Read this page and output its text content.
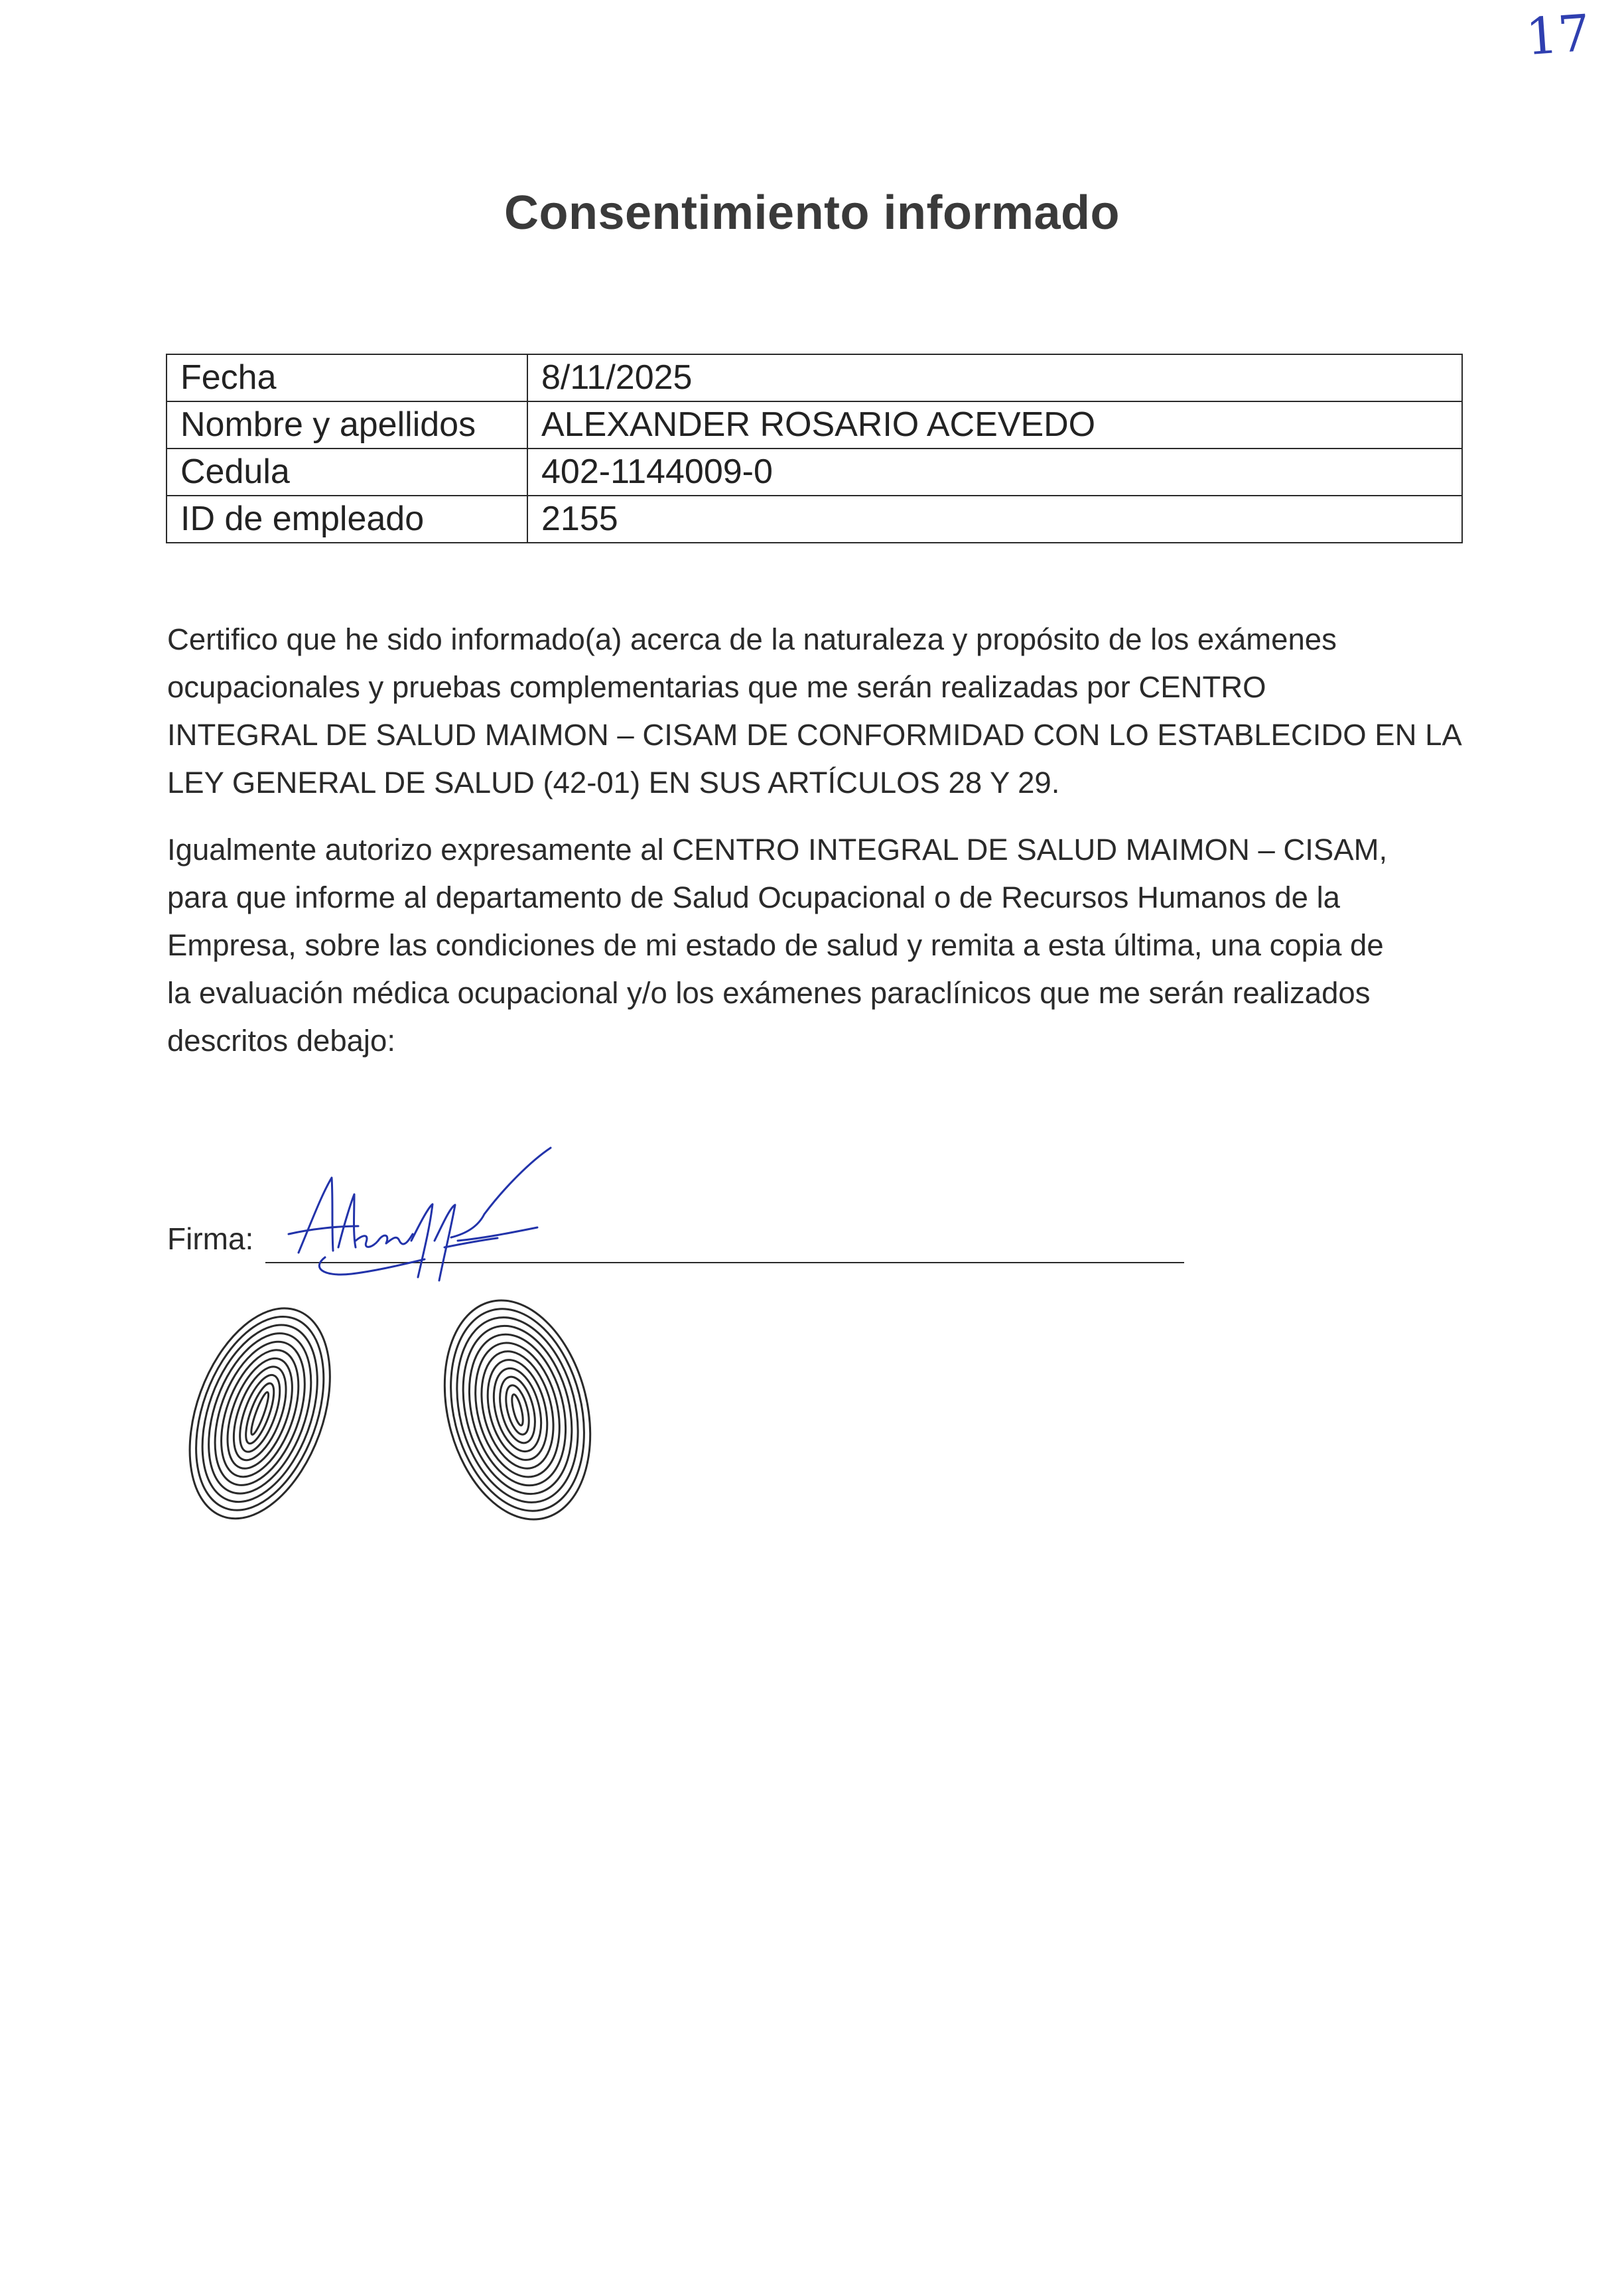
17
Consentimiento informado
Fecha	8/11/2025
Nombre y apellidos	ALEXANDER ROSARIO ACEVEDO
Cedula	402-1144009-0
ID de empleado	2155

Certifico que he sido informado(a) acerca de la naturaleza y propósito de los exámenes
ocupacionales y pruebas complementarias que me serán realizadas por CENTRO
INTEGRAL DE SALUD MAIMON – CISAM DE CONFORMIDAD CON LO ESTABLECIDO EN LA
LEY GENERAL DE SALUD (42-01) EN SUS ARTÍCULOS 28 Y 29.

Igualmente autorizo expresamente al CENTRO INTEGRAL DE SALUD MAIMON – CISAM,
para que informe al departamento de Salud Ocupacional o de Recursos Humanos de la
Empresa, sobre las condiciones de mi estado de salud y remita a esta última, una copia de
la evaluación médica ocupacional y/o los exámenes paraclínicos que me serán realizados
descritos debajo:

Firma:
